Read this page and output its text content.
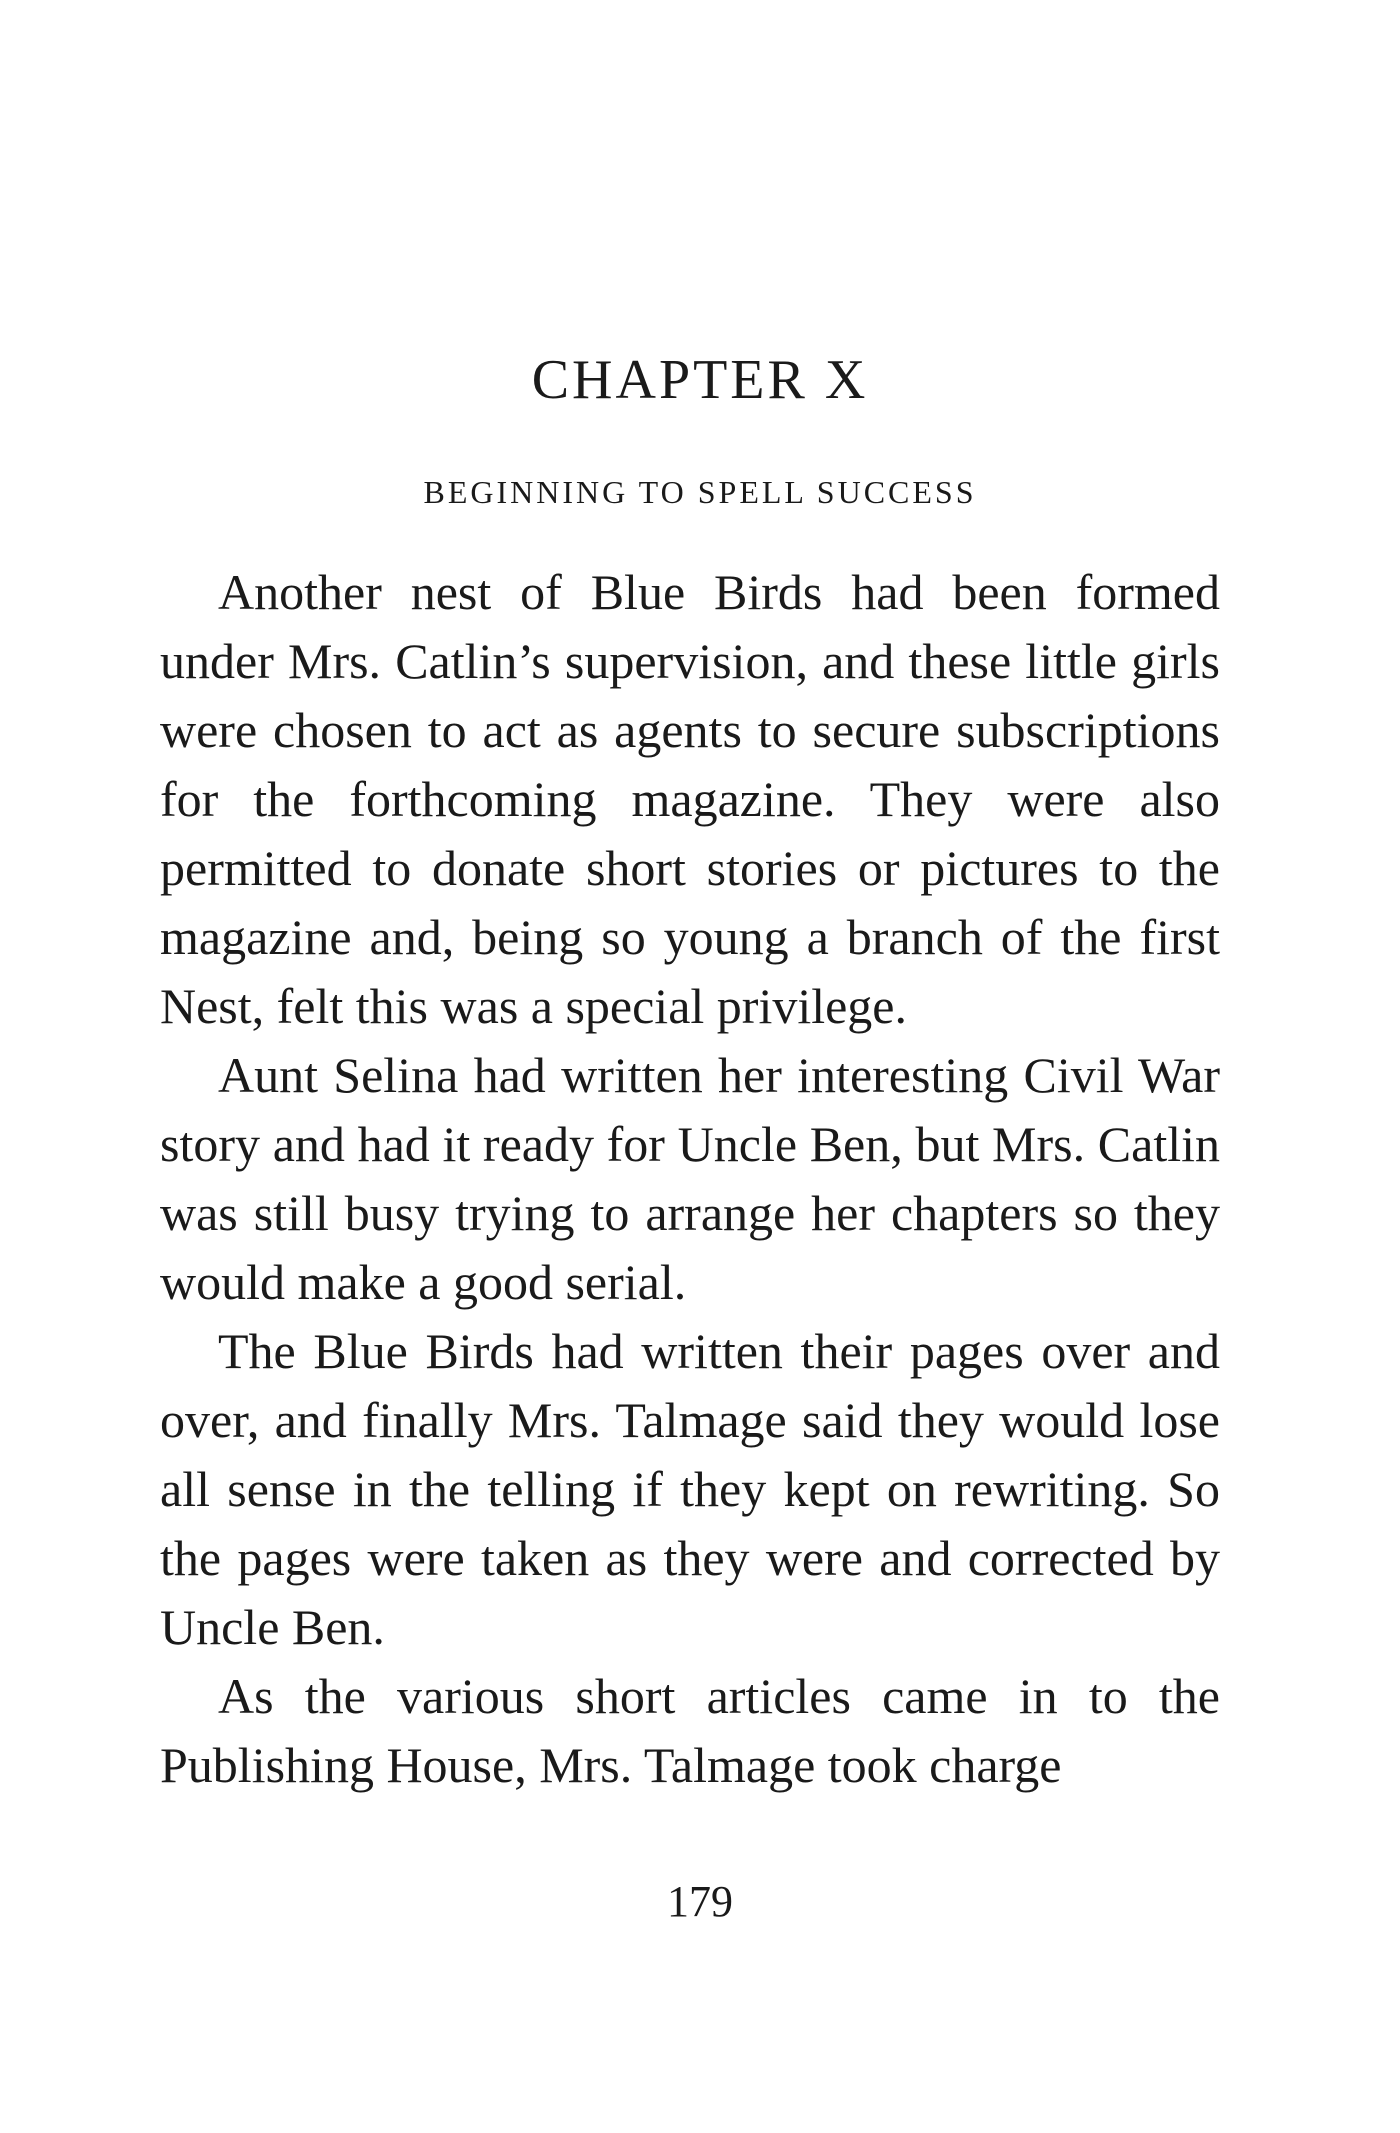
CHAPTER X
BEGINNING TO SPELL SUCCESS

Another nest of Blue Birds had been formed under Mrs. Catlin’s supervision, and these little girls were chosen to act as agents to secure subscriptions for the forthcoming magazine. They were also permitted to donate short stories or pictures to the magazine and, being so young a branch of the first Nest, felt this was a special privilege.

Aunt Selina had written her interesting Civil War story and had it ready for Uncle Ben, but Mrs. Catlin was still busy trying to arrange her chapters so they would make a good serial.

The Blue Birds had written their pages over and over, and finally Mrs. Talmage said they would lose all sense in the telling if they kept on rewriting. So the pages were taken as they were and corrected by Uncle Ben.

As the various short articles came in to the Publishing House, Mrs. Talmage took charge

179
